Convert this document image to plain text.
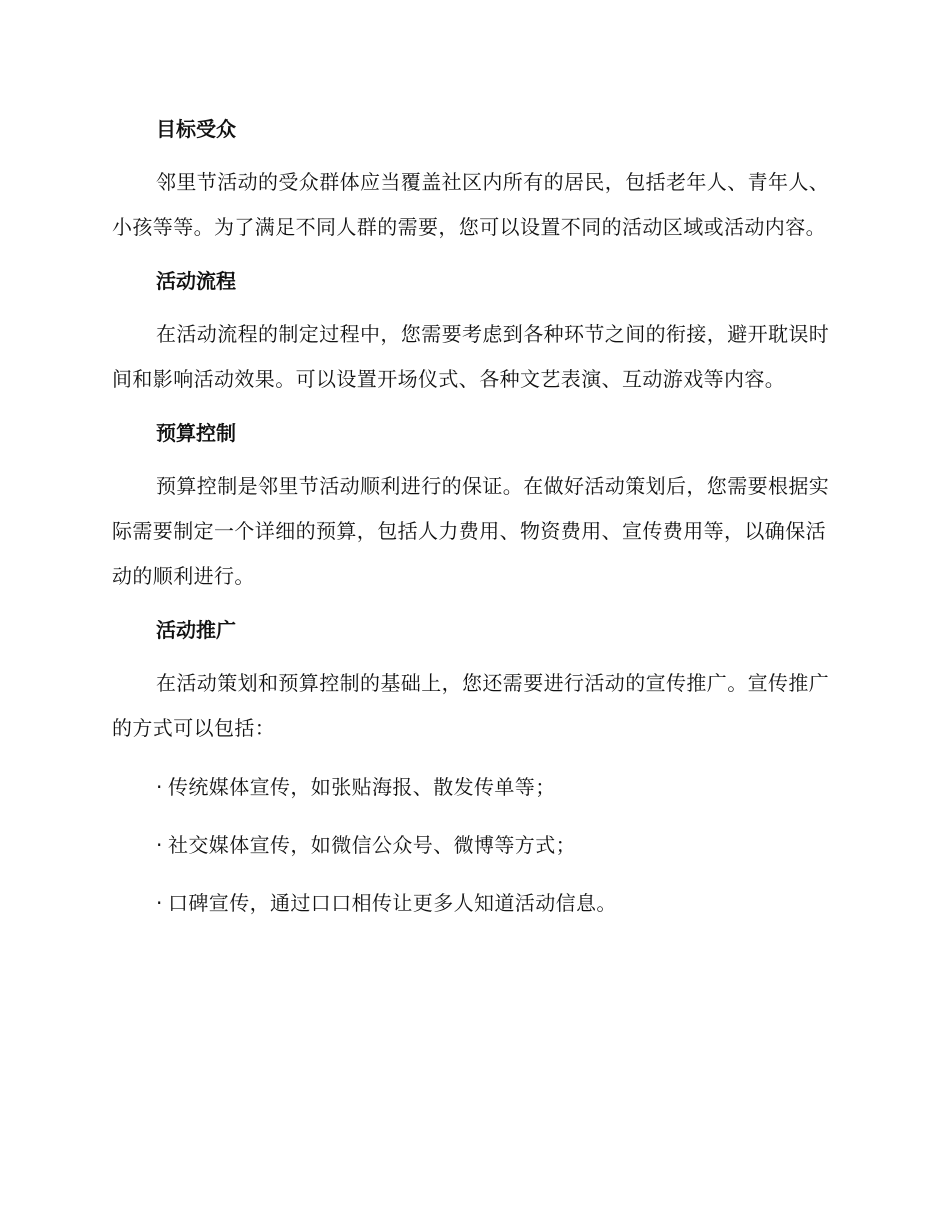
目标受众

邻里节活动的受众群体应当覆盖社区内所有的居民，包括老年人、青年人、小孩等等。为了满足不同人群的需要，您可以设置不同的活动区域或活动内容。

活动流程

在活动流程的制定过程中，您需要考虑到各种环节之间的衔接，避开耽误时间和影响活动效果。可以设置开场仪式、各种文艺表演、互动游戏等内容。

预算控制

预算控制是邻里节活动顺利进行的保证。在做好活动策划后，您需要根据实际需要制定一个详细的预算，包括人力费用、物资费用、宣传费用等，以确保活动的顺利进行。

活动推广

在活动策划和预算控制的基础上，您还需要进行活动的宣传推广。宣传推广的方式可以包括：

· 传统媒体宣传，如张贴海报、散发传单等；
· 社交媒体宣传，如微信公众号、微博等方式；
· 口碑宣传，通过口口相传让更多人知道活动信息。
